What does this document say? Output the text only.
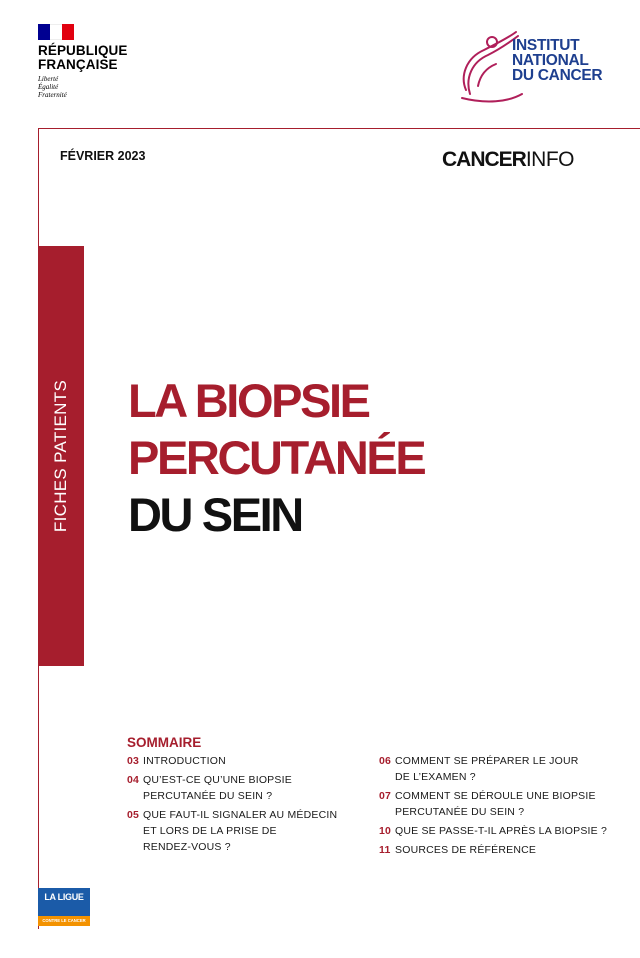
RÉPUBLIQUE
FRANÇAISE
Liberté
Égalité
Fraternité
INSTITUT
NATIONAL
DU CANCER
FÉVRIER 2023	CANCERINFO
FICHES PATIENTS LA BIOPSIE
PERCUTANÉE
DU SEIN
SOMMAIRE
03 INTRODUCTION
04 QU’EST-CE QU’UNE BIOPSIE
PERCUTANÉE DU SEIN ?
05 QUE FAUT-IL SIGNALER AU MÉDECIN
ET LORS DE LA PRISE DE
RENDEZ-VOUS ?
06 COMMENT SE PRÉPARER LE JOUR
DE L’EXAMEN ?
07 COMMENT SE DÉROULE UNE BIOPSIE
PERCUTANÉE DU SEIN ?
10 QUE SE PASSE-T-IL APRÈS LA BIOPSIE ?
11 SOURCES DE RÉFÉRENCE
LA LIGUE
CONTRE LE CANCER
